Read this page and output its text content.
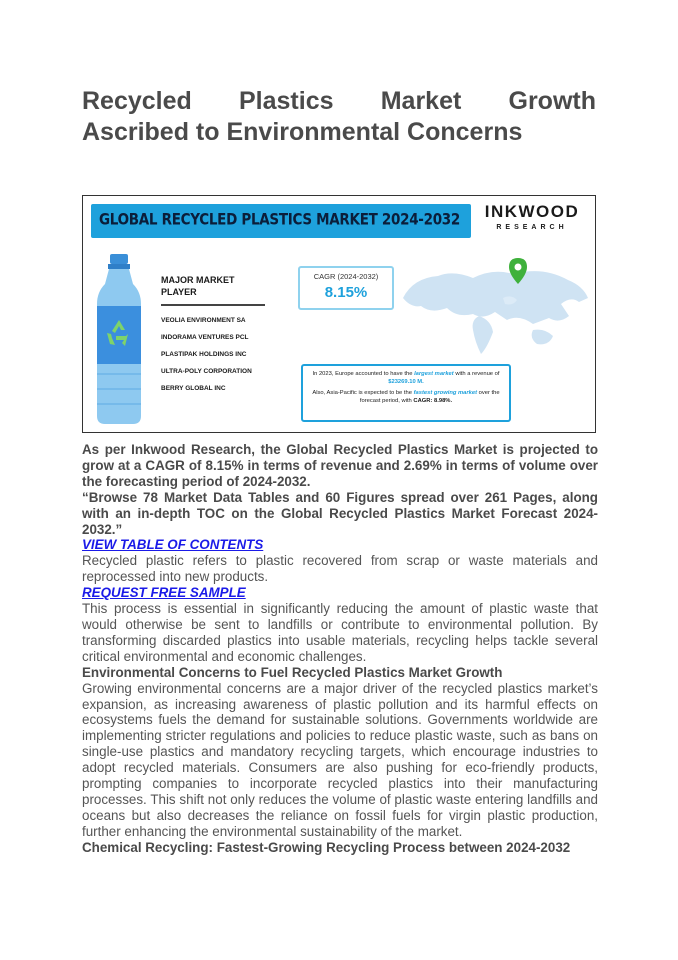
Recycled Plastics Market Growth
Ascribed to Environmental Concerns
GLOBAL RECYCLED PLASTICS MARKET 2024-2032	INKWOOD
RESEARCH
MAJOR MARKET PLAYER
VEOLIA ENVIRONMENT SA
INDORAMA VENTURES PCL
PLASTIPAK HOLDINGS INC
ULTRA-POLY CORPORATION
BERRY GLOBAL INC
CAGR (2024-2032)
8.15%

In 2023, Europe accounted to have the largest market with a revenue of $23269.10 M.

Also, Asia-Pacific is expected to be the fastest growing market over the forecast period, with CAGR: 8.98%.

As per Inkwood Research, the Global Recycled Plastics Market is projected to grow at a CAGR of 8.15% in terms of revenue and 2.69% in terms of volume over the forecasting period of 2024-2032.

“Browse 78 Market Data Tables and 60 Figures spread over 261 Pages, along with an in-depth TOC on the Global Recycled Plastics Market Forecast 2024- 2032.”

VIEW TABLE OF CONTENTS

Recycled plastic refers to plastic recovered from scrap or waste materials and reprocessed into new products.

REQUEST FREE SAMPLE

This process is essential in significantly reducing the amount of plastic waste that would otherwise be sent to landfills or contribute to environmental pollution. By transforming discarded plastics into usable materials, recycling helps tackle several critical environmental and economic challenges.

Environmental Concerns to Fuel Recycled Plastics Market Growth

Growing environmental concerns are a major driver of the recycled plastics market’s expansion, as increasing awareness of plastic pollution and its harmful effects on ecosystems fuels the demand for sustainable solutions. Governments worldwide are implementing stricter regulations and policies to reduce plastic waste, such as bans on single-use plastics and mandatory recycling targets, which encourage industries to adopt recycled materials. Consumers are also pushing for eco-friendly products, prompting companies to incorporate recycled plastics into their manufacturing processes. This shift not only reduces the volume of plastic waste entering landfills and oceans but also decreases the reliance on fossil fuels for virgin plastic production, further enhancing the environmental sustainability of the market.

Chemical Recycling: Fastest-Growing Recycling Process between 2024-2032
